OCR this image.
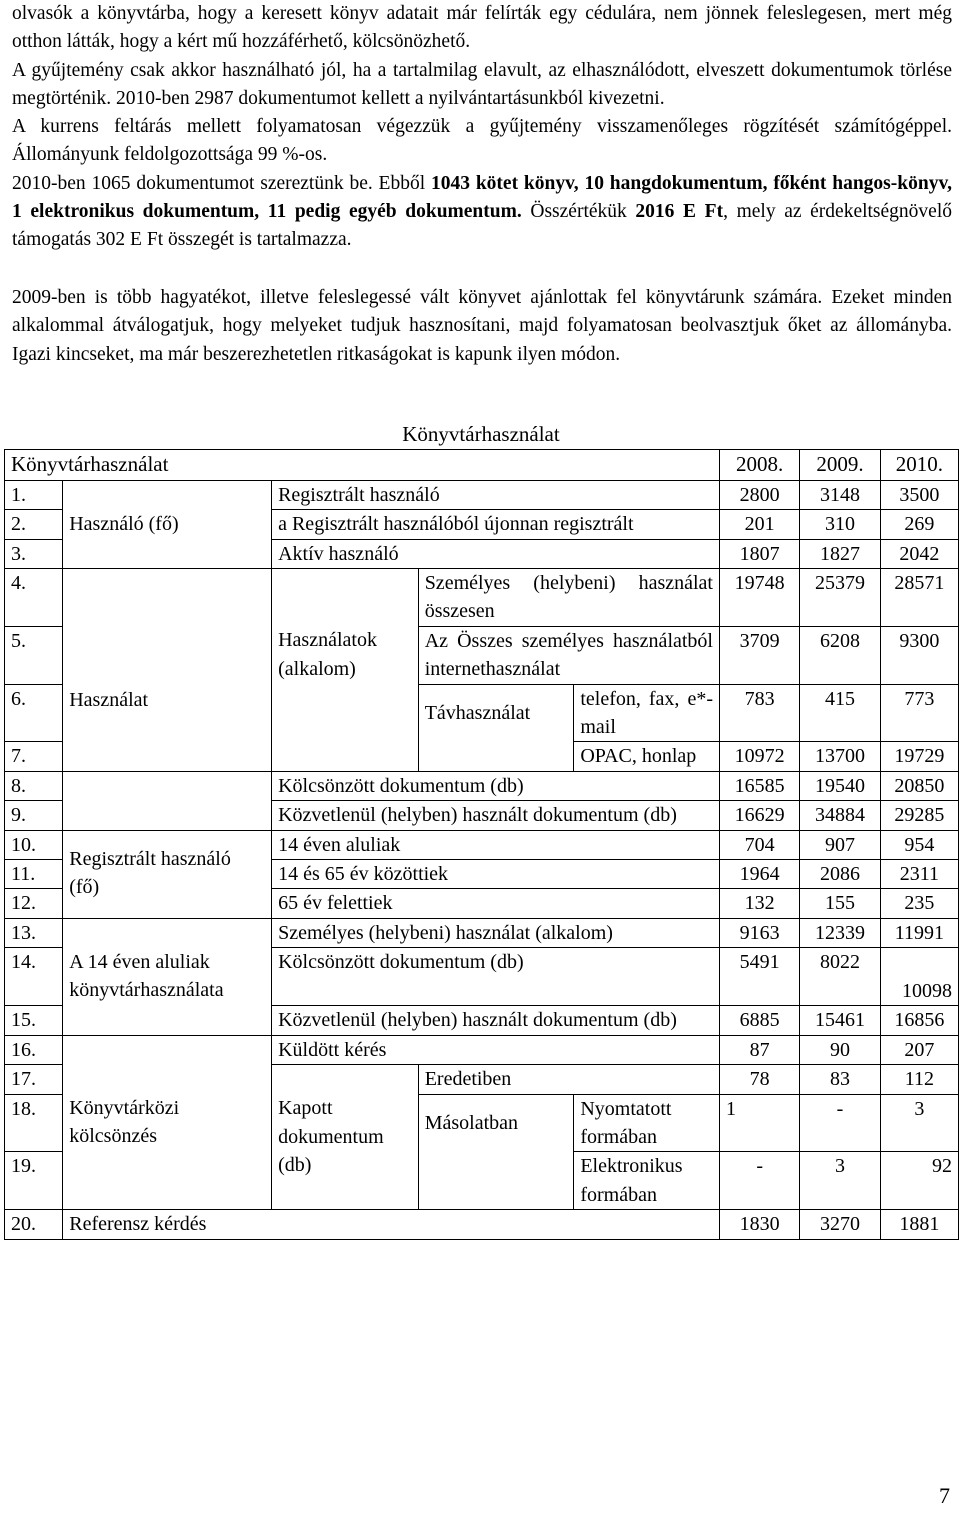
olvasók a könyvtárba, hogy a keresett könyv adatait már felírták egy cédulára, nem jönnek feleslegesen, mert még otthon látták, hogy a kért mű hozzáférhető, kölcsönözhető.

A gyűjtemény csak akkor használható jól, ha a tartalmilag elavult, az elhasználódott, elveszett dokumentumok törlése megtörténik. 2010-ben 2987 dokumentumot kellett a nyilvántartásunkból kivezetni.

A kurrens feltárás mellett folyamatosan végezzük a gyűjtemény visszamenőleges rögzítését számítógéppel. Állományunk feldolgozottsága 99 %-os.

2010-ben 1065 dokumentumot szereztünk be. Ebből 1043 kötet könyv, 10 hangdokumentum, főként hangos-könyv, 1 elektronikus dokumentum, 11 pedig egyéb dokumentum. Összértékük 2016 E Ft, mely az érdekeltségnövelő támogatás 302 E Ft összegét is tartalmazza.

2009-ben is több hagyatékot, illetve feleslegessé vált könyvet ajánlottak fel könyvtárunk számára. Ezeket minden alkalommal átválogatjuk, hogy melyeket tudjuk hasznosítani, majd folyamatosan beolvasztjuk őket az állományba. Igazi kincseket, ma már beszerezhetetlen ritkaságokat is kapunk ilyen módon.

Könyvtárhasználat
Könyvtárhasználat					2008.	2009.	2010.
1.	Használó (fő)	Regisztrált használó			2800	3148	3500
2.		a Regisztrált használóból újonnan regisztrált			201	310	269
3.		Aktív használó			1807	1827	2042
4.	Használat	Használatok (alkalom)	Személyes (helybeni) használat összesen		19748	25379	28571
5.			Az Összes személyes használatból internethasználat		3709	6208	9300
6.			Távhasználat	telefon, fax, e*-mail	783	415	773
7.				OPAC, honlap	10972	13700	19729
8.		Kölcsönzött dokumentum (db)			16585	19540	20850
9.		Közvetlenül (helyben) használt dokumentum (db)			16629	34884	29285
10.	Regisztrált használó (fő)	14 éven aluliak			704	907	954
11.		14 és 65 év közöttiek			1964	2086	2311
12.		65 év felettiek			132	155	235
13.	A 14 éven aluliak könyvtárhasználata	Személyes (helybeni) használat (alkalom)			9163	12339	11991
14.		Kölcsönzött dokumentum (db)			5491	8022	10098
15.		Közvetlenül (helyben) használt dokumentum (db)			6885	15461	16856
16.	Könyvtárközi kölcsönzés	Küldött kérés			87	90	207
17.		Kapott dokumentum (db)	Eredetiben		78	83	112
18.			Másolatban	Nyomtatott formában	1	-	3
19.				Elektronikus formában	-	3	92
20.	Referensz kérdés				1830	3270	1881
7
